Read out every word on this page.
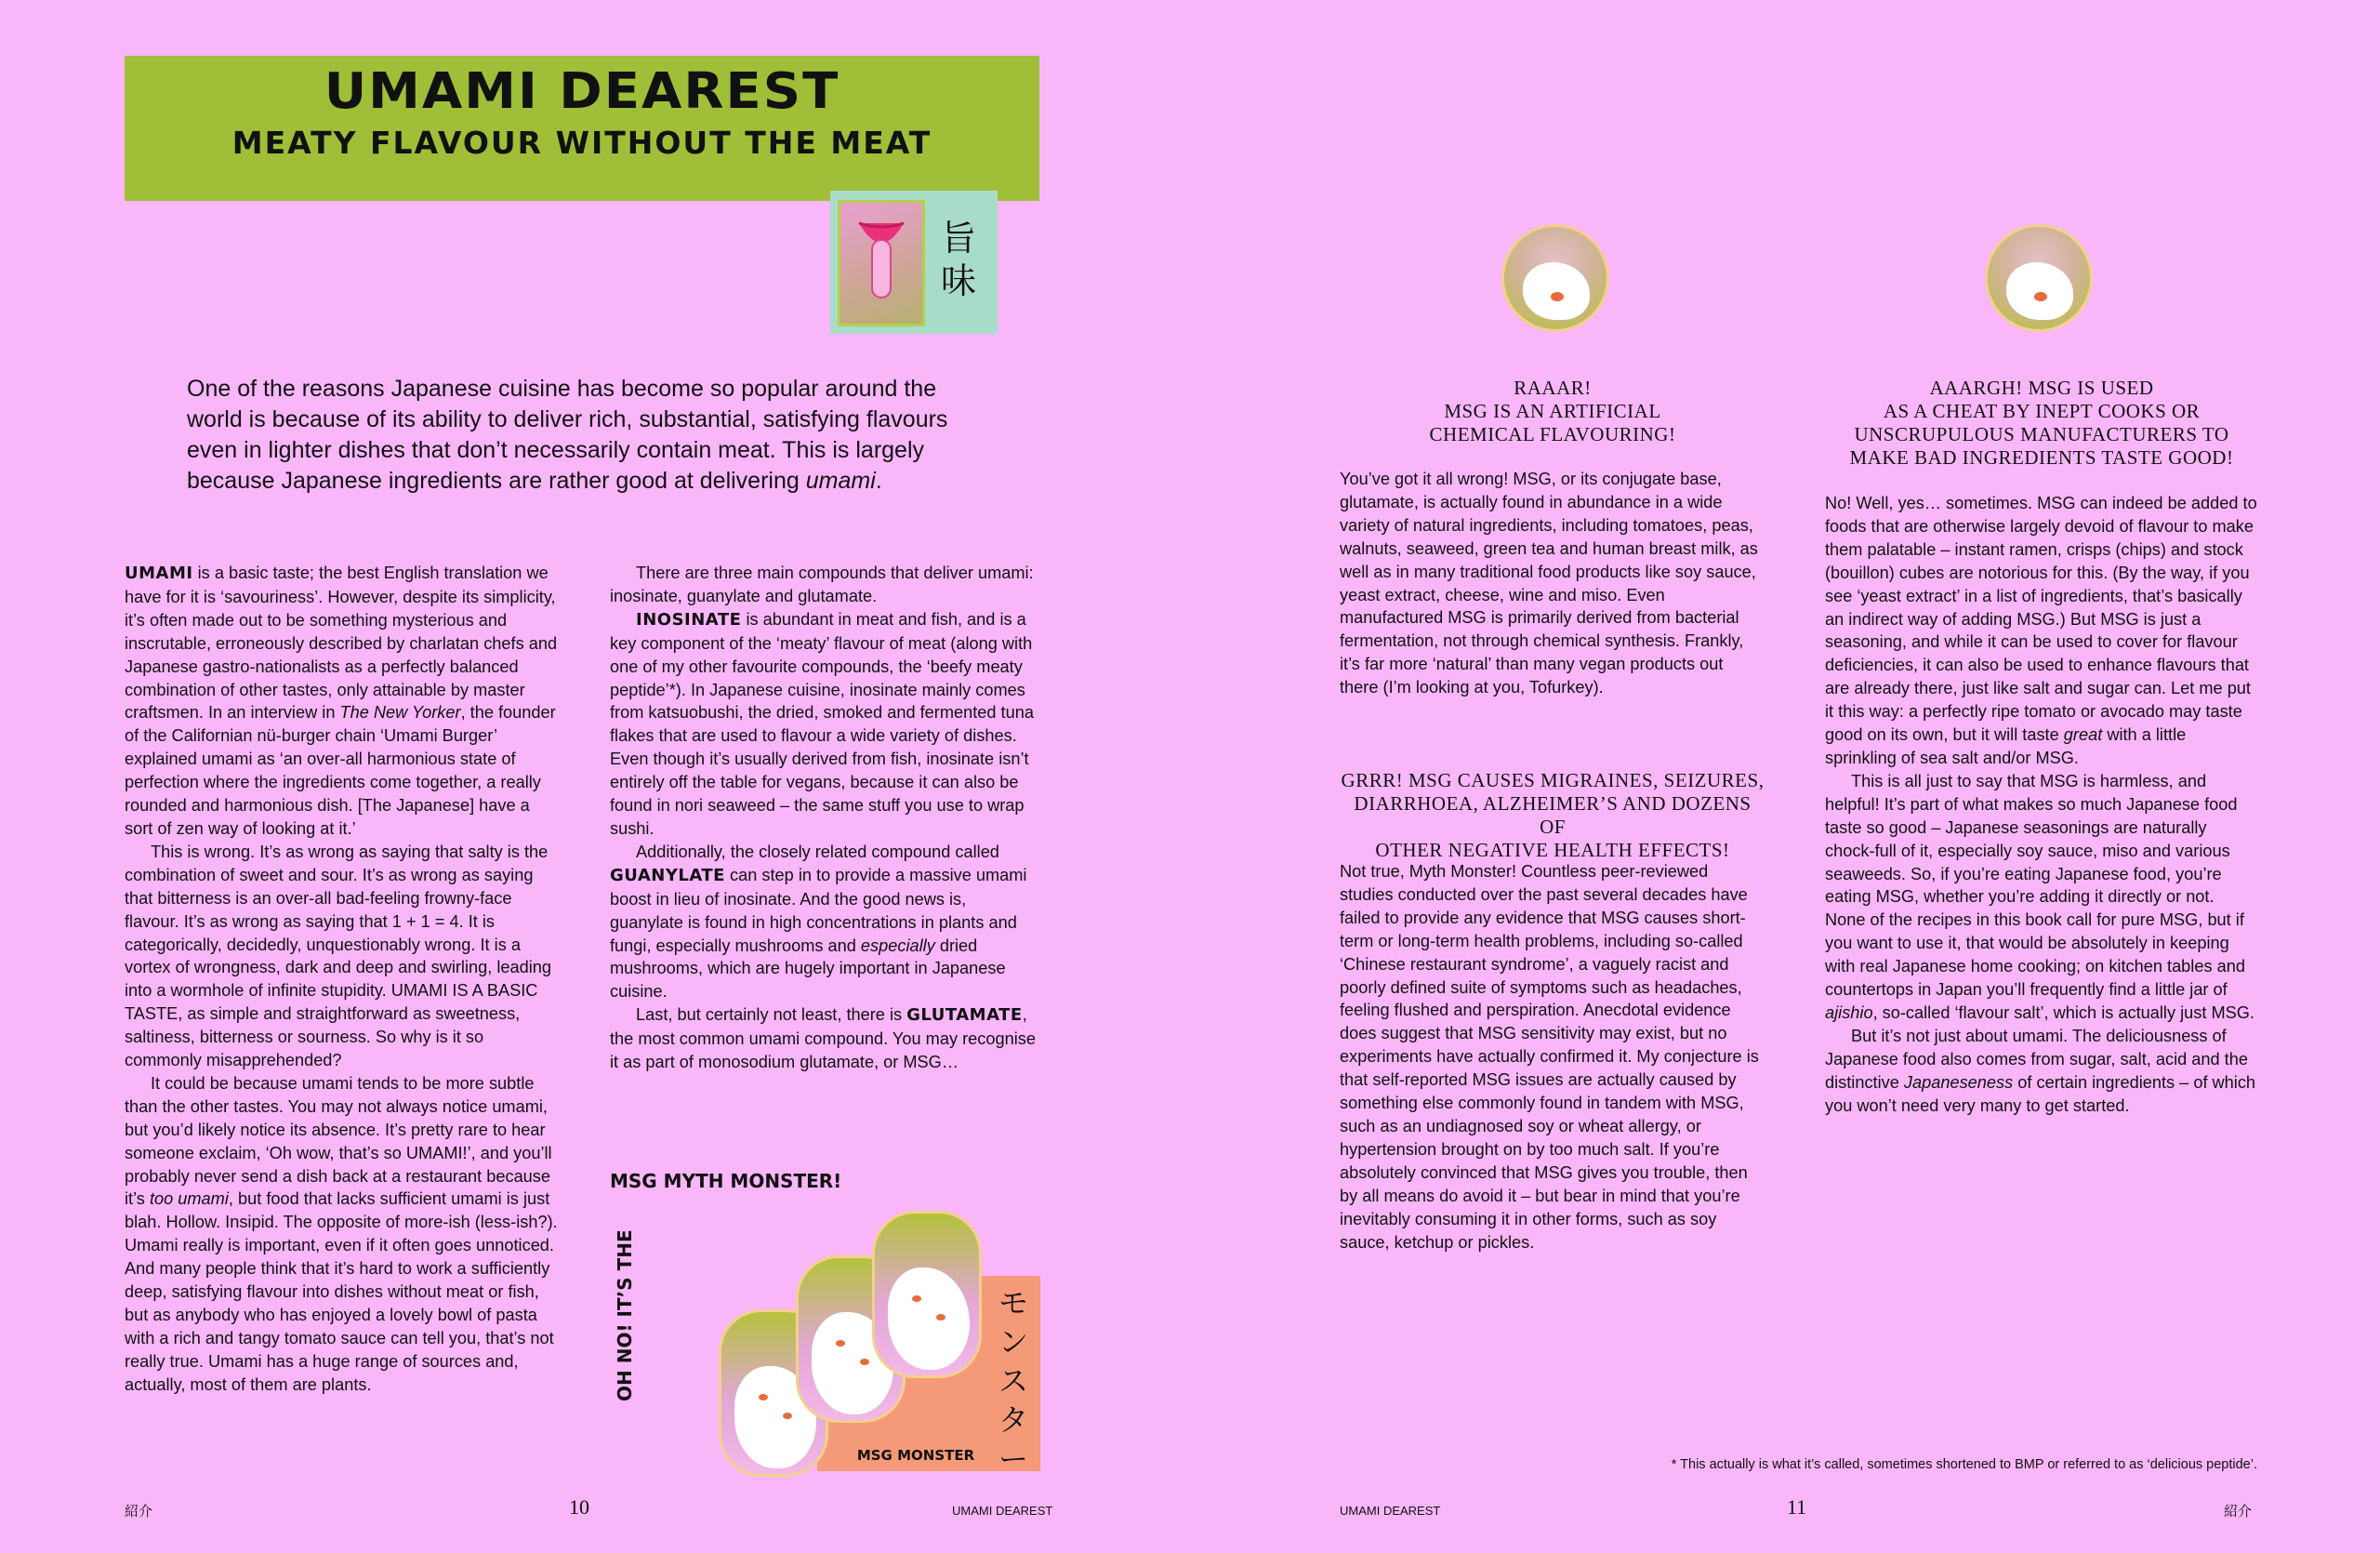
UMAMI DEAREST
MEATY FLAVOUR WITHOUT THE MEAT
旨味
One of the reasons Japanese cuisine has become so popular around the world is because of its ability to deliver rich, substantial, satisfying flavours even in lighter dishes that don’t necessarily contain meat. This is largely because Japanese ingredients are rather good at delivering umami.

UMAMI is a basic taste; the best English translation we have for it is ‘savouriness’. However, despite its simplicity, it’s often made out to be something mysterious and inscrutable, erroneously described by charlatan chefs and Japanese gastro-nationalists as a perfectly balanced combination of other tastes, only attainable by master craftsmen. In an interview in The New Yorker, the founder of the Californian nü-burger chain ‘Umami Burger’ explained umami as ‘an over-all harmonious state of perfection where the ingredients come together, a really rounded and harmonious dish. [The Japanese] have a sort of zen way of looking at it.’

This is wrong. It’s as wrong as saying that salty is the combination of sweet and sour. It’s as wrong as saying that bitterness is an over-all bad-feeling frowny-face flavour. It’s as wrong as saying that 1 + 1 = 4. It is categorically, decidedly, unquestionably wrong. It is a vortex of wrongness, dark and deep and swirling, leading into a wormhole of infinite stupidity. UMAMI IS A BASIC TASTE, as simple and straightforward as sweetness, saltiness, bitterness or sourness. So why is it so commonly misapprehended?

It could be because umami tends to be more subtle than the other tastes. You may not always notice umami, but you’d likely notice its absence. It’s pretty rare to hear someone exclaim, ‘Oh wow, that’s so UMAMI!’, and you’ll probably never send a dish back at a restaurant because it’s too umami, but food that lacks sufficient umami is just blah. Hollow. Insipid. The opposite of more-ish (less-ish?). Umami really is important, even if it often goes unnoticed. And many people think that it’s hard to work a sufficiently deep, satisfying flavour into dishes without meat or fish, but as anybody who has enjoyed a lovely bowl of pasta with a rich and tangy tomato sauce can tell you, that’s not really true. Umami has a huge range of sources and, actually, most of them are plants.

There are three main compounds that deliver umami: inosinate, guanylate and glutamate.

INOSINATE is abundant in meat and fish, and is a key component of the ‘meaty’ flavour of meat (along with one of my other favourite compounds, the ‘beefy meaty peptide’*). In Japanese cuisine, inosinate mainly comes from katsuobushi, the dried, smoked and fermented tuna flakes that are used to flavour a wide variety of dishes. Even though it’s usually derived from fish, inosinate isn’t entirely off the table for vegans, because it can also be found in nori seaweed – the same stuff you use to wrap sushi.

Additionally, the closely related compound called GUANYLATE can step in to provide a massive umami boost in lieu of inosinate. And the good news is, guanylate is found in high concentrations in plants and fungi, especially mushrooms and especially dried mushrooms, which are hugely important in Japanese cuisine.

Last, but certainly not least, there is GLUTAMATE, the most common umami compound. You may recognise it as part of monosodium glutamate, or MSG…

MSG MYTH MONSTER!
OH NO! IT’S THE	モ
ン
ス
タ
ー
MSG MONSTER
RAAAR!
MSG IS AN ARTIFICIAL
CHEMICAL FLAVOURING!

You’ve got it all wrong! MSG, or its conjugate base, glutamate, is actually found in abundance in a wide variety of natural ingredients, including tomatoes, peas, walnuts, seaweed, green tea and human breast milk, as well as in many traditional food products like soy sauce, yeast extract, cheese, wine and miso. Even manufactured MSG is primarily derived from bacterial fermentation, not through chemical synthesis. Frankly, it’s far more ‘natural’ than many vegan products out there (I’m looking at you, Tofurkey).

GRRR! MSG CAUSES MIGRAINES, SEIZURES,
DIARRHOEA, ALZHEIMER’S AND DOZENS OF
OTHER NEGATIVE HEALTH EFFECTS!

Not true, Myth Monster! Countless peer-reviewed studies conducted over the past several decades have failed to provide any evidence that MSG causes short-term or long-term health problems, including so-called ‘Chinese restaurant syndrome’, a vaguely racist and poorly defined suite of symptoms such as headaches, feeling flushed and perspiration. Anecdotal evidence does suggest that MSG sensitivity may exist, but no experiments have actually confirmed it. My conjecture is that self-reported MSG issues are actually caused by something else commonly found in tandem with MSG, such as an undiagnosed soy or wheat allergy, or hypertension brought on by too much salt. If you’re absolutely convinced that MSG gives you trouble, then by all means do avoid it – but bear in mind that you’re inevitably consuming it in other forms, such as soy sauce, ketchup or pickles.

AAARGH! MSG IS USED
AS A CHEAT BY INEPT COOKS OR
UNSCRUPULOUS MANUFACTURERS TO
MAKE BAD INGREDIENTS TASTE GOOD!

No! Well, yes… sometimes. MSG can indeed be added to foods that are otherwise largely devoid of flavour to make them palatable – instant ramen, crisps (chips) and stock (bouillon) cubes are notorious for this. (By the way, if you see ‘yeast extract’ in a list of ingredients, that’s basically an indirect way of adding MSG.) But MSG is just a seasoning, and while it can be used to cover for flavour deficiencies, it can also be used to enhance flavours that are already there, just like salt and sugar can. Let me put it this way: a perfectly ripe tomato or avocado may taste good on its own, but it will taste great with a little sprinkling of sea salt and/or MSG.

This is all just to say that MSG is harmless, and helpful! It’s part of what makes so much Japanese food taste so good – Japanese seasonings are naturally chock-full of it, especially soy sauce, miso and various seaweeds. So, if you’re eating Japanese food, you’re eating MSG, whether you’re adding it directly or not. None of the recipes in this book call for pure MSG, but if you want to use it, that would be absolutely in keeping with real Japanese home cooking; on kitchen tables and countertops in Japan you’ll frequently find a little jar of ajishio, so-called ‘flavour salt’, which is actually just MSG.

But it’s not just about umami. The deliciousness of Japanese food also comes from sugar, salt, acid and the distinctive Japaneseness of certain ingredients – of which you won’t need very many to get started.

* This actually is what it’s called, sometimes shortened to BMP or referred to as ‘delicious peptide’.
紹介	10	UMAMI DEAREST	UMAMI DEAREST	11	紹介
